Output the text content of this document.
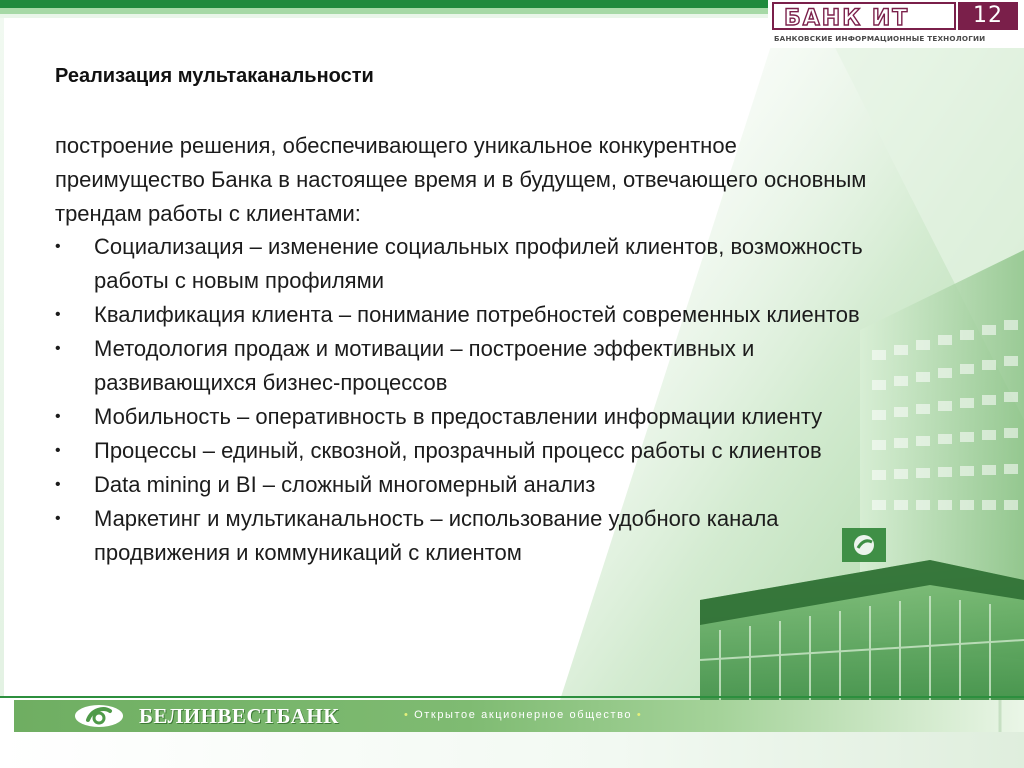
БАНК ИТ	12
БАНКОВСКИЕ ИНФОРМАЦИОННЫЕ ТЕХНОЛОГИИ
Реализация мультаканальности
построение решения, обеспечивающего уникальное конкурентное преимущество Банка в настоящее время и в будущем, отвечающего основным трендам работы с клиентами:
•	Социализация – изменение социальных профилей клиентов, возможность работы с новым профилями
•	Квалификация клиента – понимание потребностей современных клиентов
•	Методология продаж и мотивации – построение эффективных и развивающихся бизнес-процессов
•	Мобильность – оперативность в предоставлении информации клиенту
•	Процессы – единый, сквозной, прозрачный процесс работы с клиентов
•	Data mining и BI – сложный многомерный анализ
•	Маркетинг и мультиканальность – использование удобного канала продвижения и коммуникаций с клиентом
БЕЛИНВЕСТБАНК	• Открытое акционерное общество •
